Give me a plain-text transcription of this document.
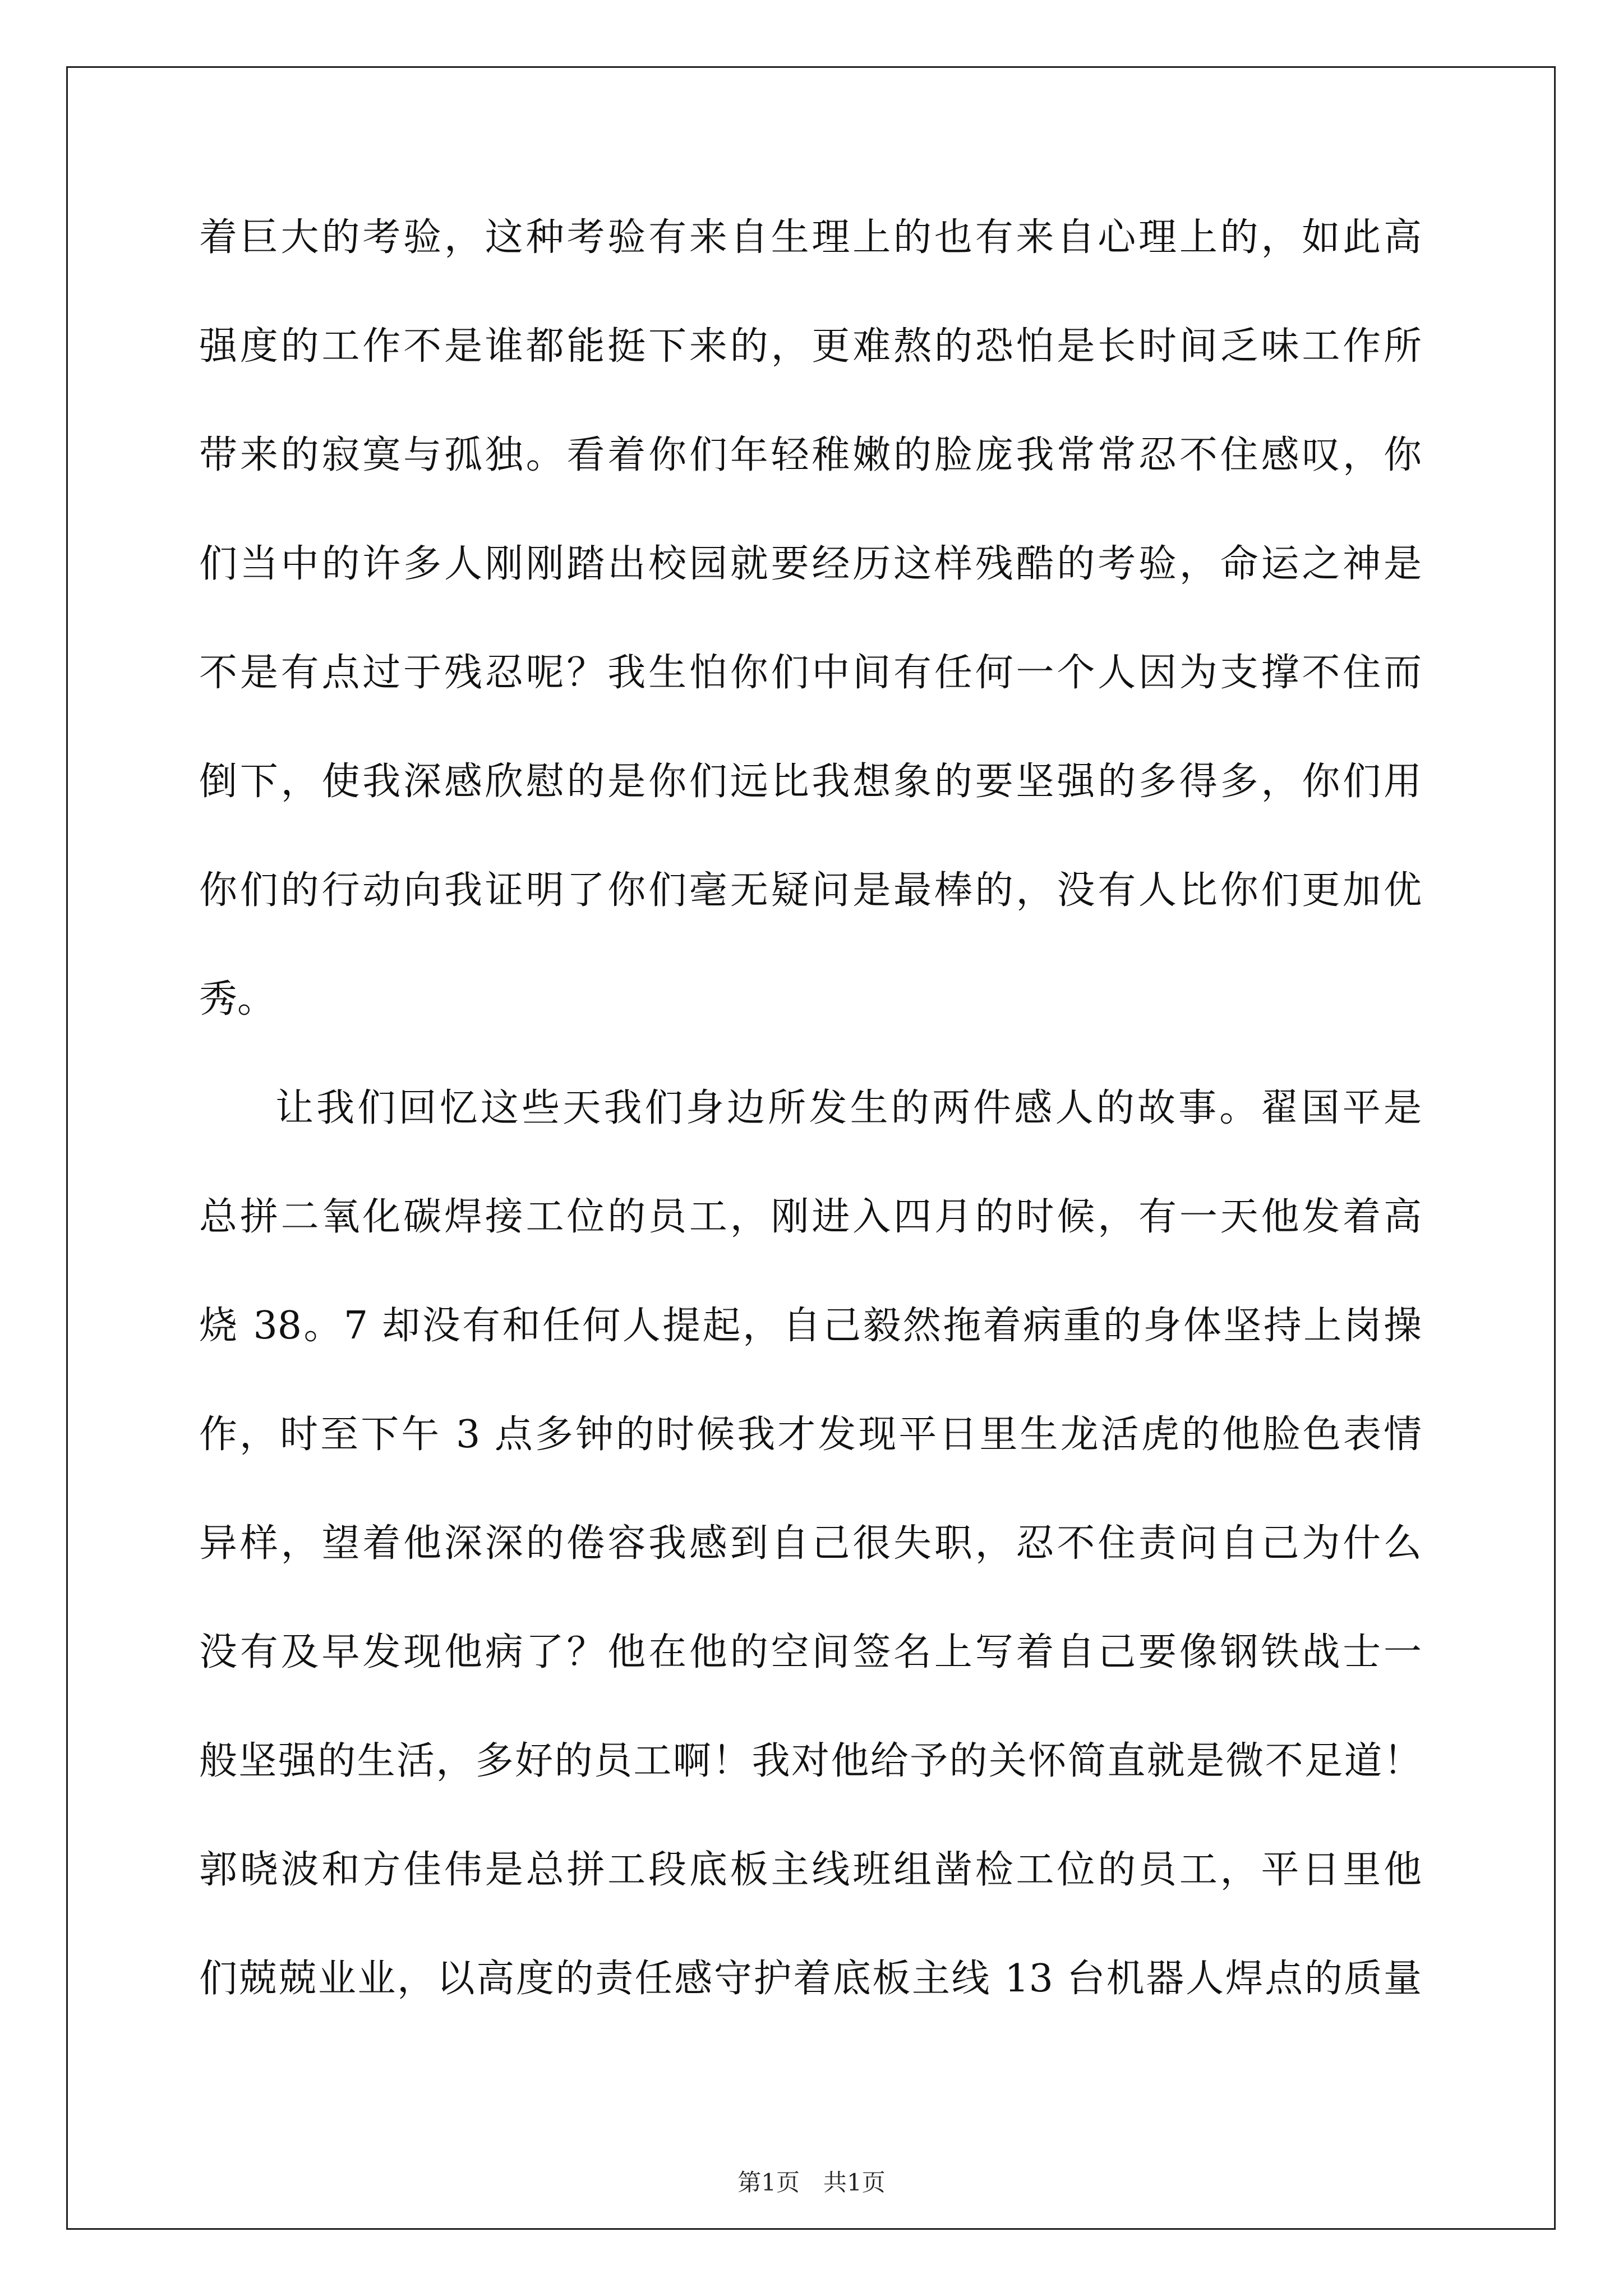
着巨大的考验，这种考验有来自生理上的也有来自心理上的，如此高
强度的工作不是谁都能挺下来的，更难熬的恐怕是长时间乏味工作所
带来的寂寞与孤独。看着你们年轻稚嫩的脸庞我常常忍不住感叹，你
们当中的许多人刚刚踏出校园就要经历这样残酷的考验，命运之神是
不是有点过于残忍呢？我生怕你们中间有任何一个人因为支撑不住而
倒下，使我深感欣慰的是你们远比我想象的要坚强的多得多，你们用
你们的行动向我证明了你们毫无疑问是最棒的，没有人比你们更加优
秀。
让我们回忆这些天我们身边所发生的两件感人的故事。翟国平是
总拼二氧化碳焊接工位的员工，刚进入四月的时候，有一天他发着高
烧 38。7 却没有和任何人提起，自己毅然拖着病重的身体坚持上岗操
作，时至下午 3 点多钟的时候我才发现平日里生龙活虎的他脸色表情
异样，望着他深深的倦容我感到自己很失职，忍不住责问自己为什么
没有及早发现他病了？他在他的空间签名上写着自己要像钢铁战士一
般坚强的生活，多好的员工啊！我对他给予的关怀简直就是微不足道！
郭晓波和方佳伟是总拼工段底板主线班组凿检工位的员工，平日里他
们兢兢业业，以高度的责任感守护着底板主线 13 台机器人焊点的质量
第1页　共1页
